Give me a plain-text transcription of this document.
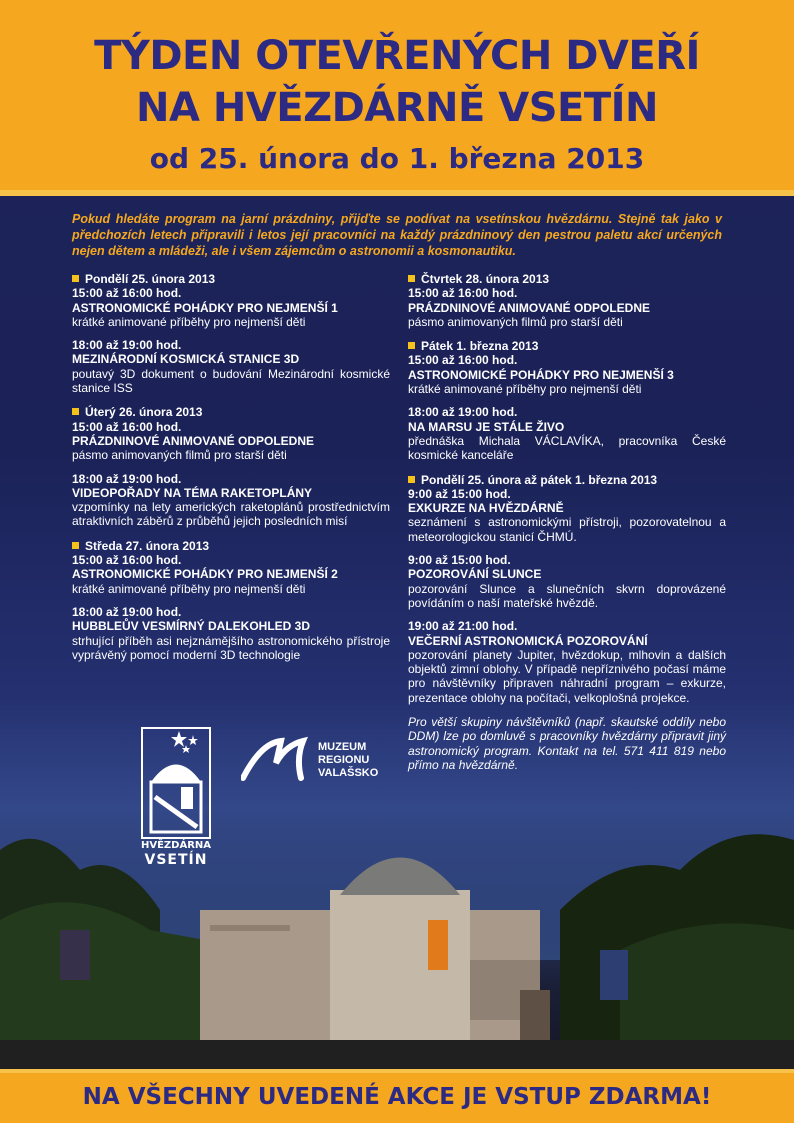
TÝDEN OTEVŘENÝCH DVEŘÍ
NA HVĚZDÁRNĚ VSETÍN
od 25. února do 1. března 2013
Pokud hledáte program na jarní prázdniny, přijďte se podívat na vsetínskou hvězdárnu. Stejně tak jako v předchozích letech připravili i letos její pracovníci na každý prázdninový den pestrou paletu akcí určených nejen dětem a mládeži, ale i všem zájemcům o astronomii a kosmonautiku.
Pondělí 25. února 2013
15:00 až 16:00 hod.
ASTRONOMICKÉ POHÁDKY PRO NEJMENŠÍ 1
krátké animované příběhy pro nejmenší děti
18:00 až 19:00 hod.
MEZINÁRODNÍ KOSMICKÁ STANICE 3D
poutavý 3D dokument o budování Mezinárodní kosmické stanice ISS
Úterý 26. února 2013
15:00 až 16:00 hod.
PRÁZDNINOVÉ ANIMOVANÉ ODPOLEDNE
pásmo animovaných filmů pro starší děti
18:00 až 19:00 hod.
VIDEOPOŘADY NA TÉMA RAKETOPLÁNY
vzpomínky na lety amerických raketoplánů prostřednictvím atraktivních záběrů z průběhů jejich posledních misí
Středa 27. února 2013
15:00 až 16:00 hod.
ASTRONOMICKÉ POHÁDKY PRO NEJMENŠÍ 2
krátké animované příběhy pro nejmenší děti
18:00 až 19:00 hod.
HUBBLEŮV VESMÍRNÝ DALEKOHLED 3D
strhující příběh asi nejznámějšího astronomického přístroje vyprávěný pomocí moderní 3D technologie
Čtvrtek 28. února 2013
15:00 až 16:00 hod.
PRÁZDNINOVÉ ANIMOVANÉ ODPOLEDNE
pásmo animovaných filmů pro starší děti
Pátek 1. března 2013
15:00 až 16:00 hod.
ASTRONOMICKÉ POHÁDKY PRO NEJMENŠÍ 3
krátké animované příběhy pro nejmenší děti
18:00 až 19:00 hod.
NA MARSU JE STÁLE ŽIVO
přednáška Michala VÁCLAVÍKA, pracovníka České kosmické kanceláře
Pondělí 25. února až pátek 1. března 2013
9:00 až 15:00 hod.
EXKURZE NA HVĚZDÁRNĚ
seznámení s astronomickými přístroji, pozorovatelnou a meteorologickou stanicí ČHMÚ.
9:00 až 15:00 hod.
POZOROVÁNÍ SLUNCE
pozorování Slunce a slunečních skvrn doprovázené povídáním o naší mateřské hvězdě.
19:00 až 21:00 hod.
VEČERNÍ ASTRONOMICKÁ POZOROVÁNÍ
pozorování planety Jupiter, hvězdokup, mlhovin a dalších objektů zimní oblohy. V případě nepříznivého počasí máme pro návštěvníky připraven náhradní program – exkurze, prezentace oblohy na počítači, velkoplošná projekce.
Pro větší skupiny návštěvníků (např. skautské oddíly nebo DDM) lze po domluvě s pracovníky hvězdárny připravit jiný astronomický program. Kontakt na tel. 571 411 819 nebo
HVĚZDÁRNA
VSETÍN
MUZEUM
REGIONU
VALAŠSKO
NA VŠECHNY UVEDENÉ AKCE JE VSTUP ZDARMA!
